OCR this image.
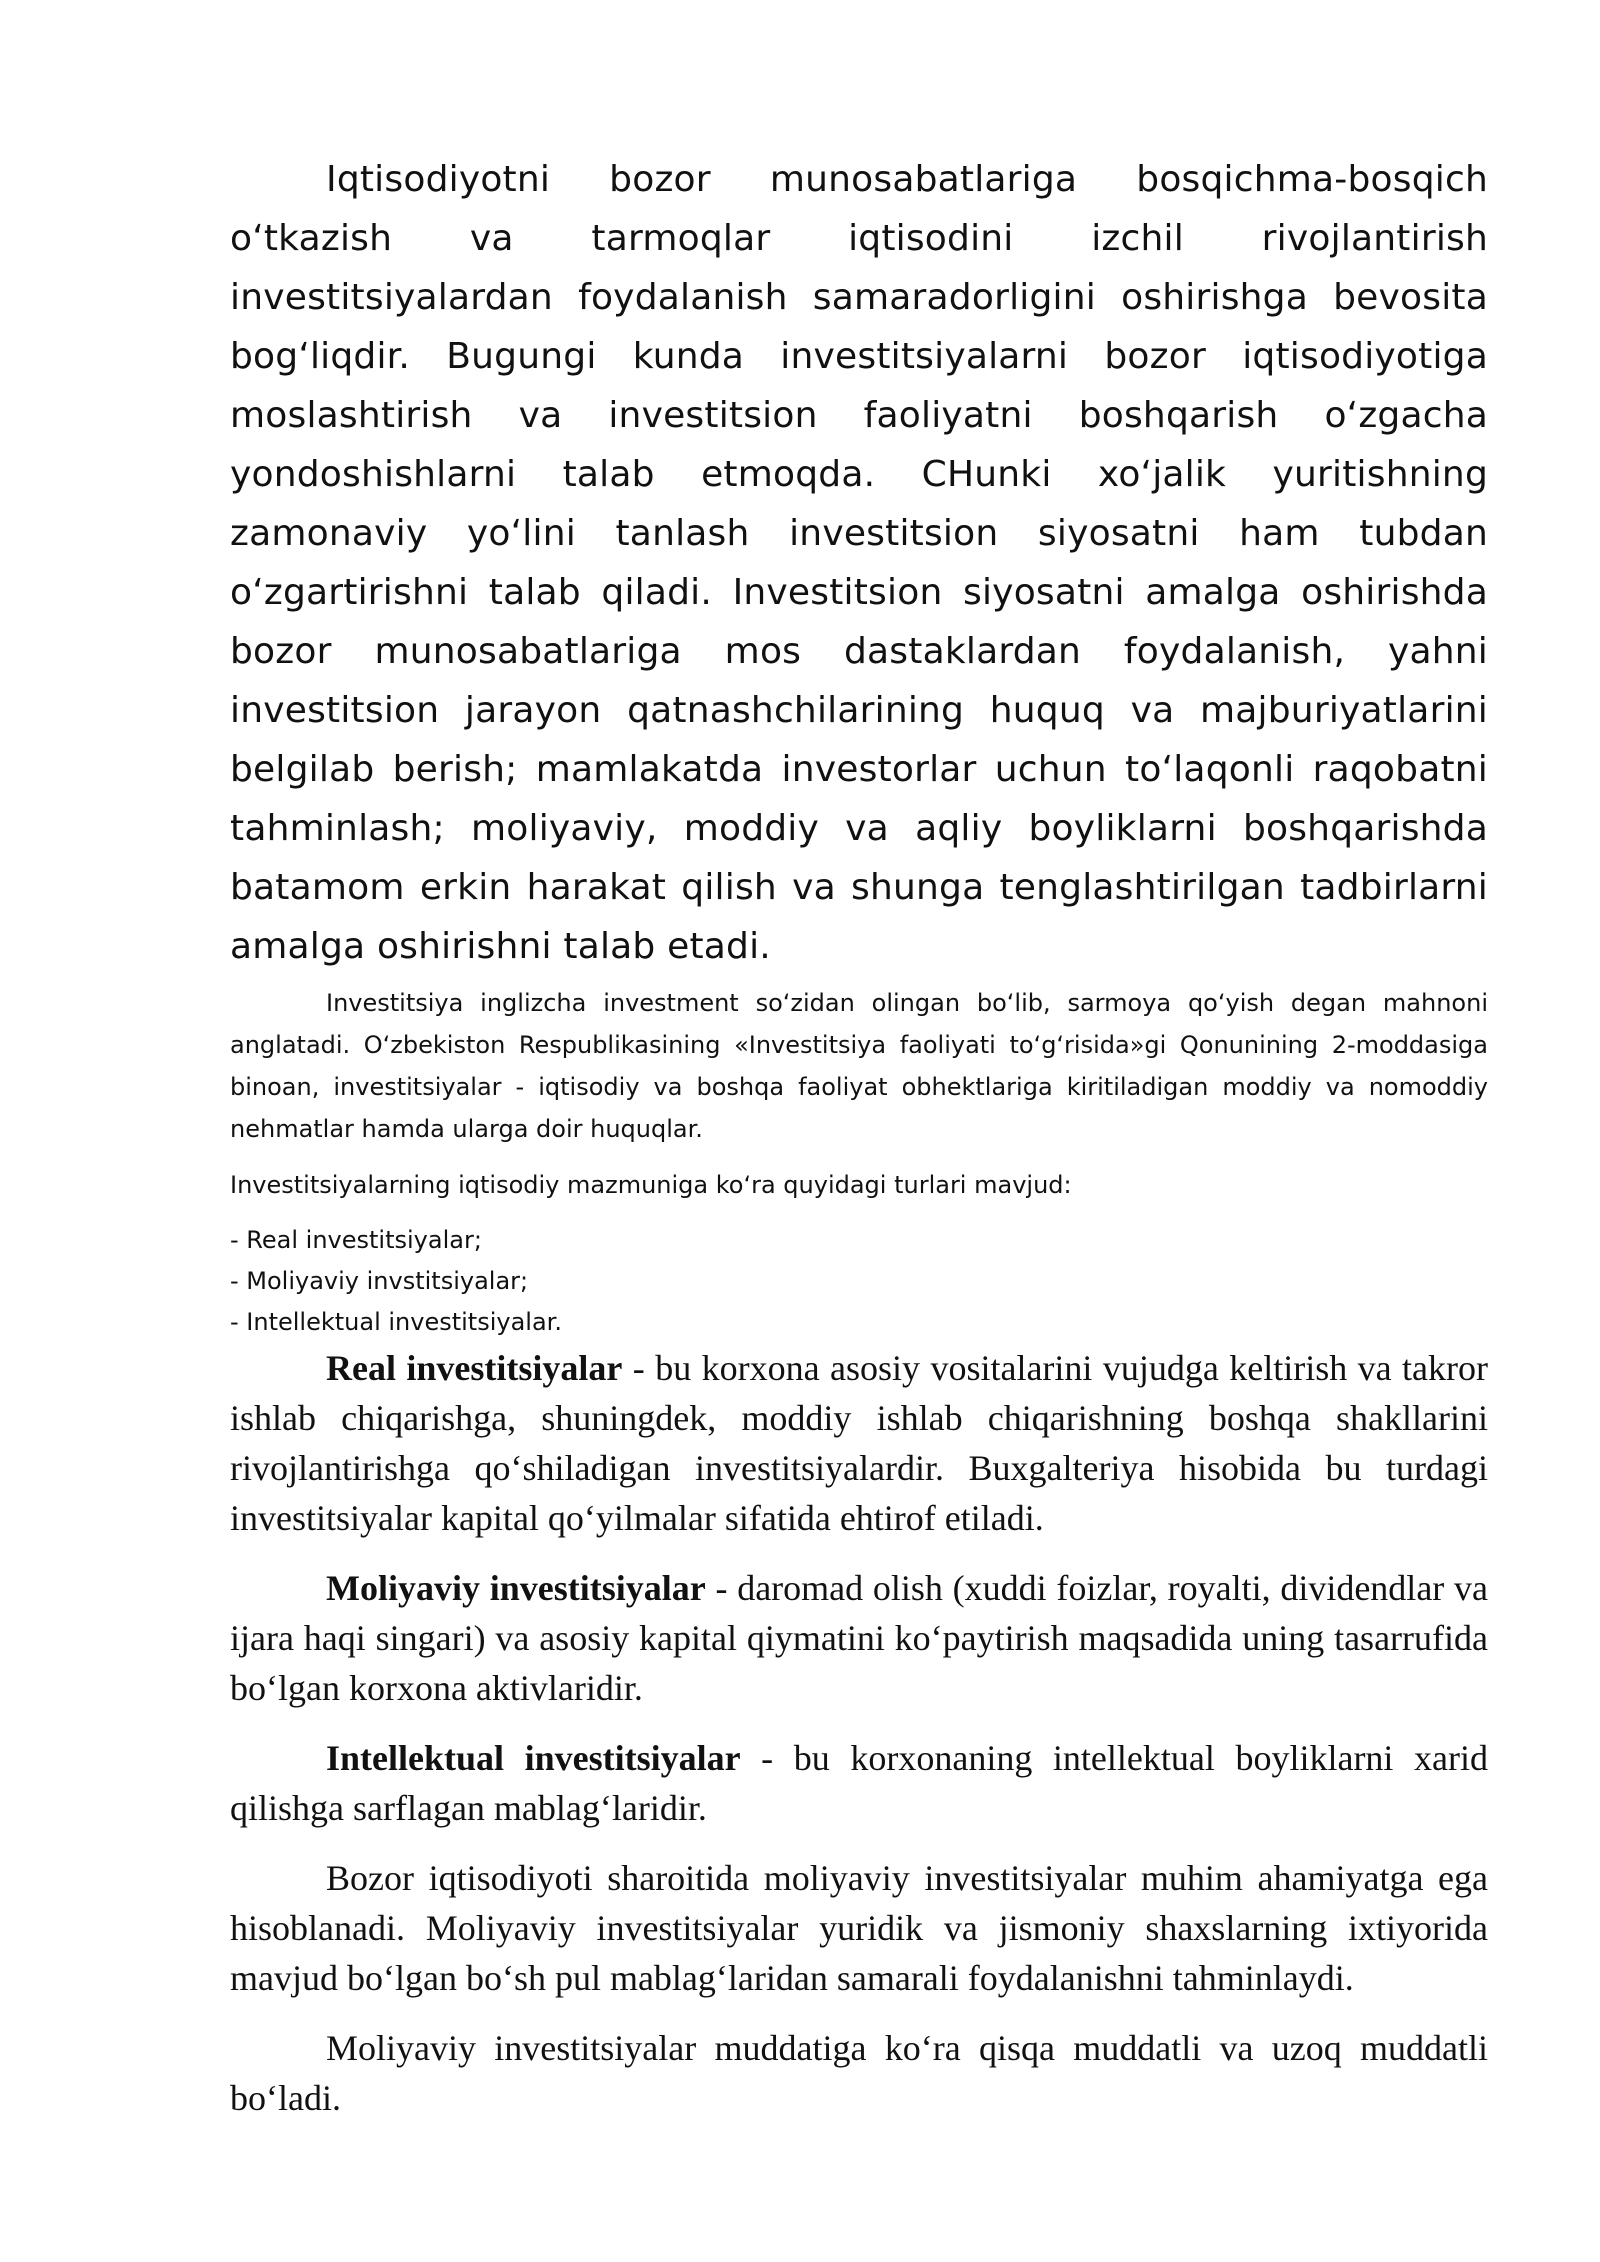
Iqtisodiyotni bozor munosabatlariga bosqichma-bosqich o‘tkazish va tarmoqlar iqtisodini izchil rivojlantirish investitsiyalardan foydalanish samaradorligini oshirishga bevosita bog‘liqdir. Bugungi kunda investitsiyalarni bozor iqtisodiyotiga moslashtirish va investitsion faoliyatni boshqarish o‘zgacha yondoshishlarni talab etmoqda. CHunki xo‘jalik yuritishning zamonaviy yo‘lini tanlash investitsion siyosatni ham tubdan o‘zgartirishni talab qiladi. Investitsion siyosatni amalga oshirishda bozor munosabatlariga mos dastaklardan foydalanish, yahni investitsion jarayon qatnashchilarining huquq va majburiyatlarini belgilab berish; mamlakatda investorlar uchun to‘laqonli raqobatni tahminlash; moliyaviy, moddiy va aqliy boyliklarni boshqarishda batamom erkin harakat qilish va shunga tenglashtirilgan tadbirlarni amalga oshirishni talab etadi.

Investitsiya inglizcha investment so‘zidan olingan bo‘lib, sarmoya qo‘yish degan mahnoni anglatadi. O‘zbekiston Respublikasining «Investitsiya faoliyati to‘g‘risida»gi Qonunining 2-moddasiga binoan, investitsiyalar - iqtisodiy va boshqa faoliyat obhektlariga kiritiladigan moddiy va nomoddiy nehmatlar hamda ularga doir huquqlar.

Investitsiyalarning iqtisodiy mazmuniga ko‘ra quyidagi turlari mavjud:

- Real investitsiyalar;
- Moliyaviy invstitsiyalar;
- Intellektual investitsiyalar.

Real investitsiyalar - bu korxona asosiy vositalarini vujudga keltirish va takror ishlab chiqarishga, shuningdek, moddiy ishlab chiqarishning boshqa shakllarini rivojlantirishga qo‘shiladigan investitsiyalardir. Buxgalteriya hisobida bu turdagi investitsiyalar kapital qo‘yilmalar sifatida ehtirof etiladi.

Moliyaviy investitsiyalar - daromad olish (xuddi foizlar, royalti, dividendlar va ijara haqi singari) va asosiy kapital qiymatini ko‘paytirish maqsadida uning tasarrufida bo‘lgan korxona aktivlaridir.

Intellektual investitsiyalar - bu korxonaning intellektual boyliklarni xarid qilishga sarflagan mablag‘laridir.

Bozor iqtisodiyoti sharoitida moliyaviy investitsiyalar muhim ahamiyatga ega hisoblanadi. Moliyaviy investitsiyalar yuridik va jismoniy shaxslarning ixtiyorida mavjud bo‘lgan bo‘sh pul mablag‘laridan samarali foydalanishni tahminlaydi.

Moliyaviy investitsiyalar muddatiga ko‘ra qisqa muddatli va uzoq muddatli bo‘ladi.
